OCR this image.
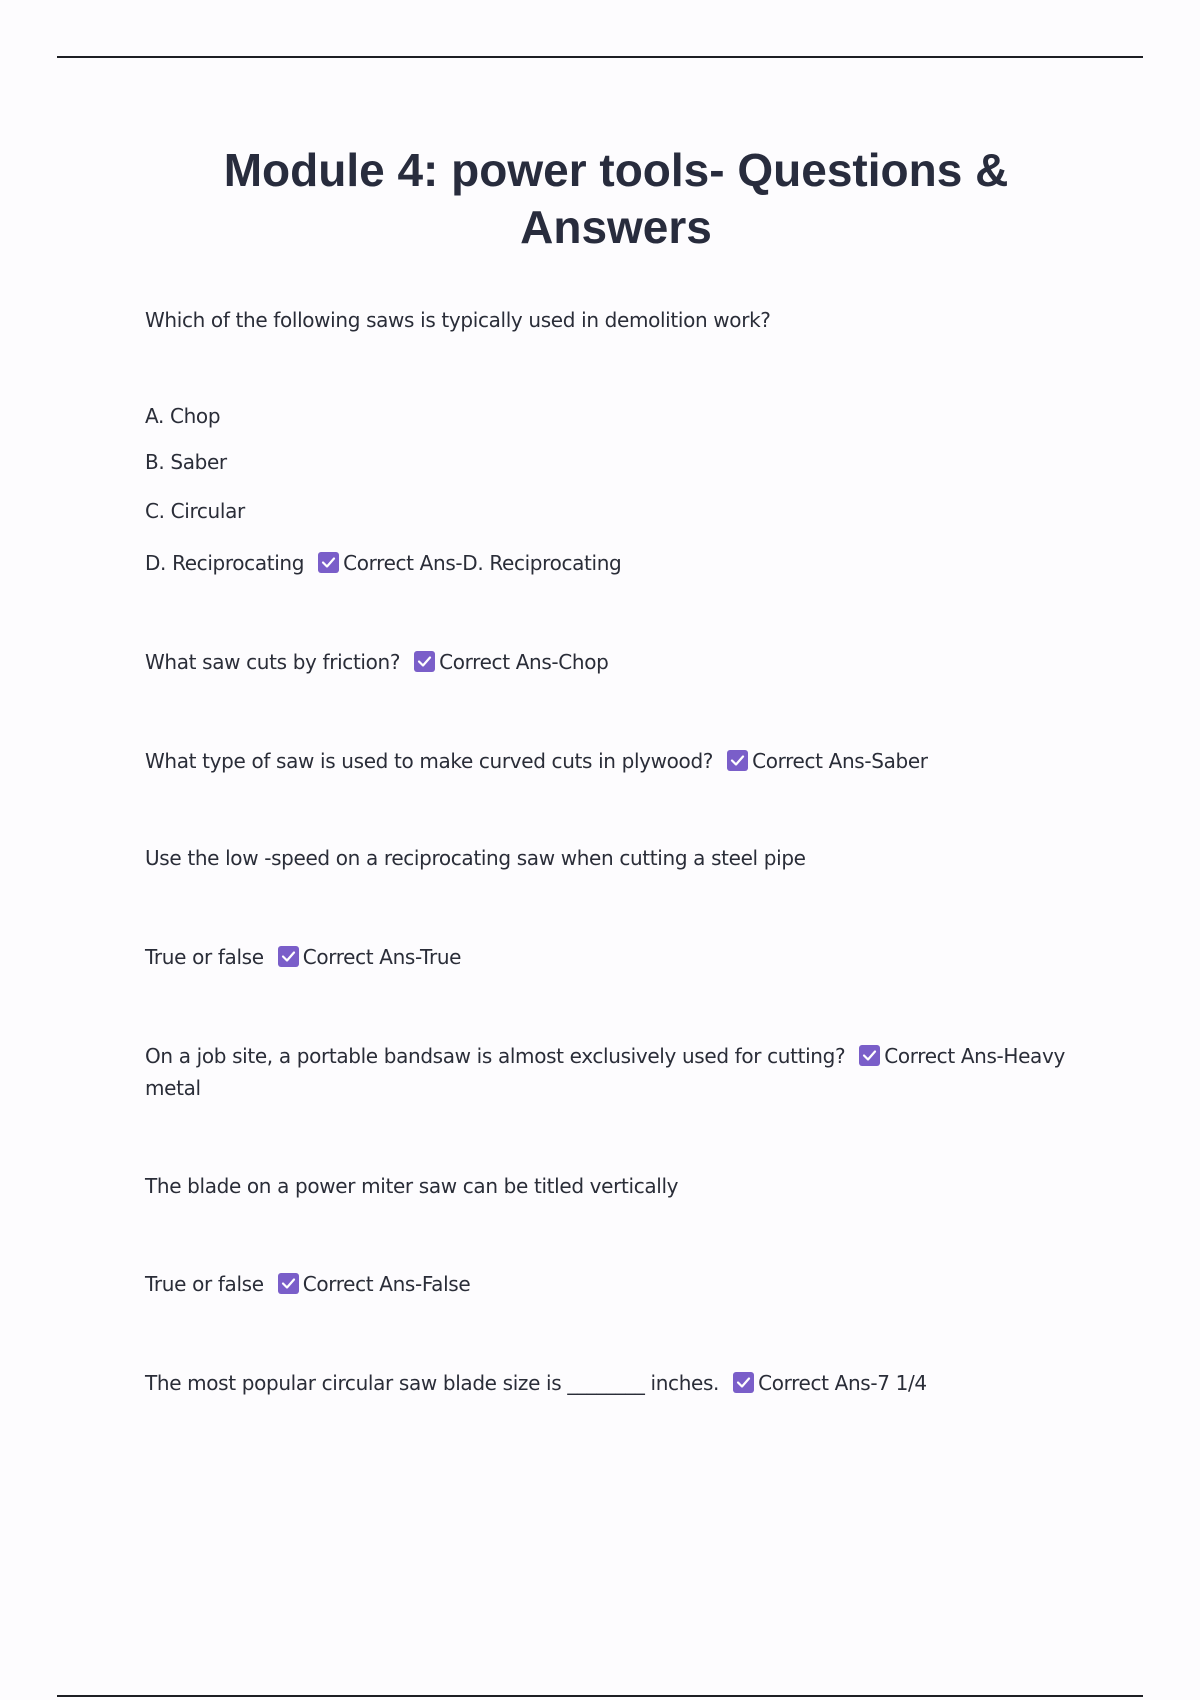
Module 4: power tools- Questions & Answers
Which of the following saws is typically used in demolition work?
A. Chop
B. Saber
C. Circular
D. Reciprocating Correct Ans-D. Reciprocating
What saw cuts by friction? Correct Ans-Chop
What type of saw is used to make curved cuts in plywood? Correct Ans-Saber
Use the low -speed on a reciprocating saw when cutting a steel pipe
True or false Correct Ans-True
On a job site, a portable bandsaw is almost exclusively used for cutting? Correct Ans-Heavy metal
The blade on a power miter saw can be titled vertically
True or false Correct Ans-False
The most popular circular saw blade size is ________ inches. Correct Ans-7 1/4
